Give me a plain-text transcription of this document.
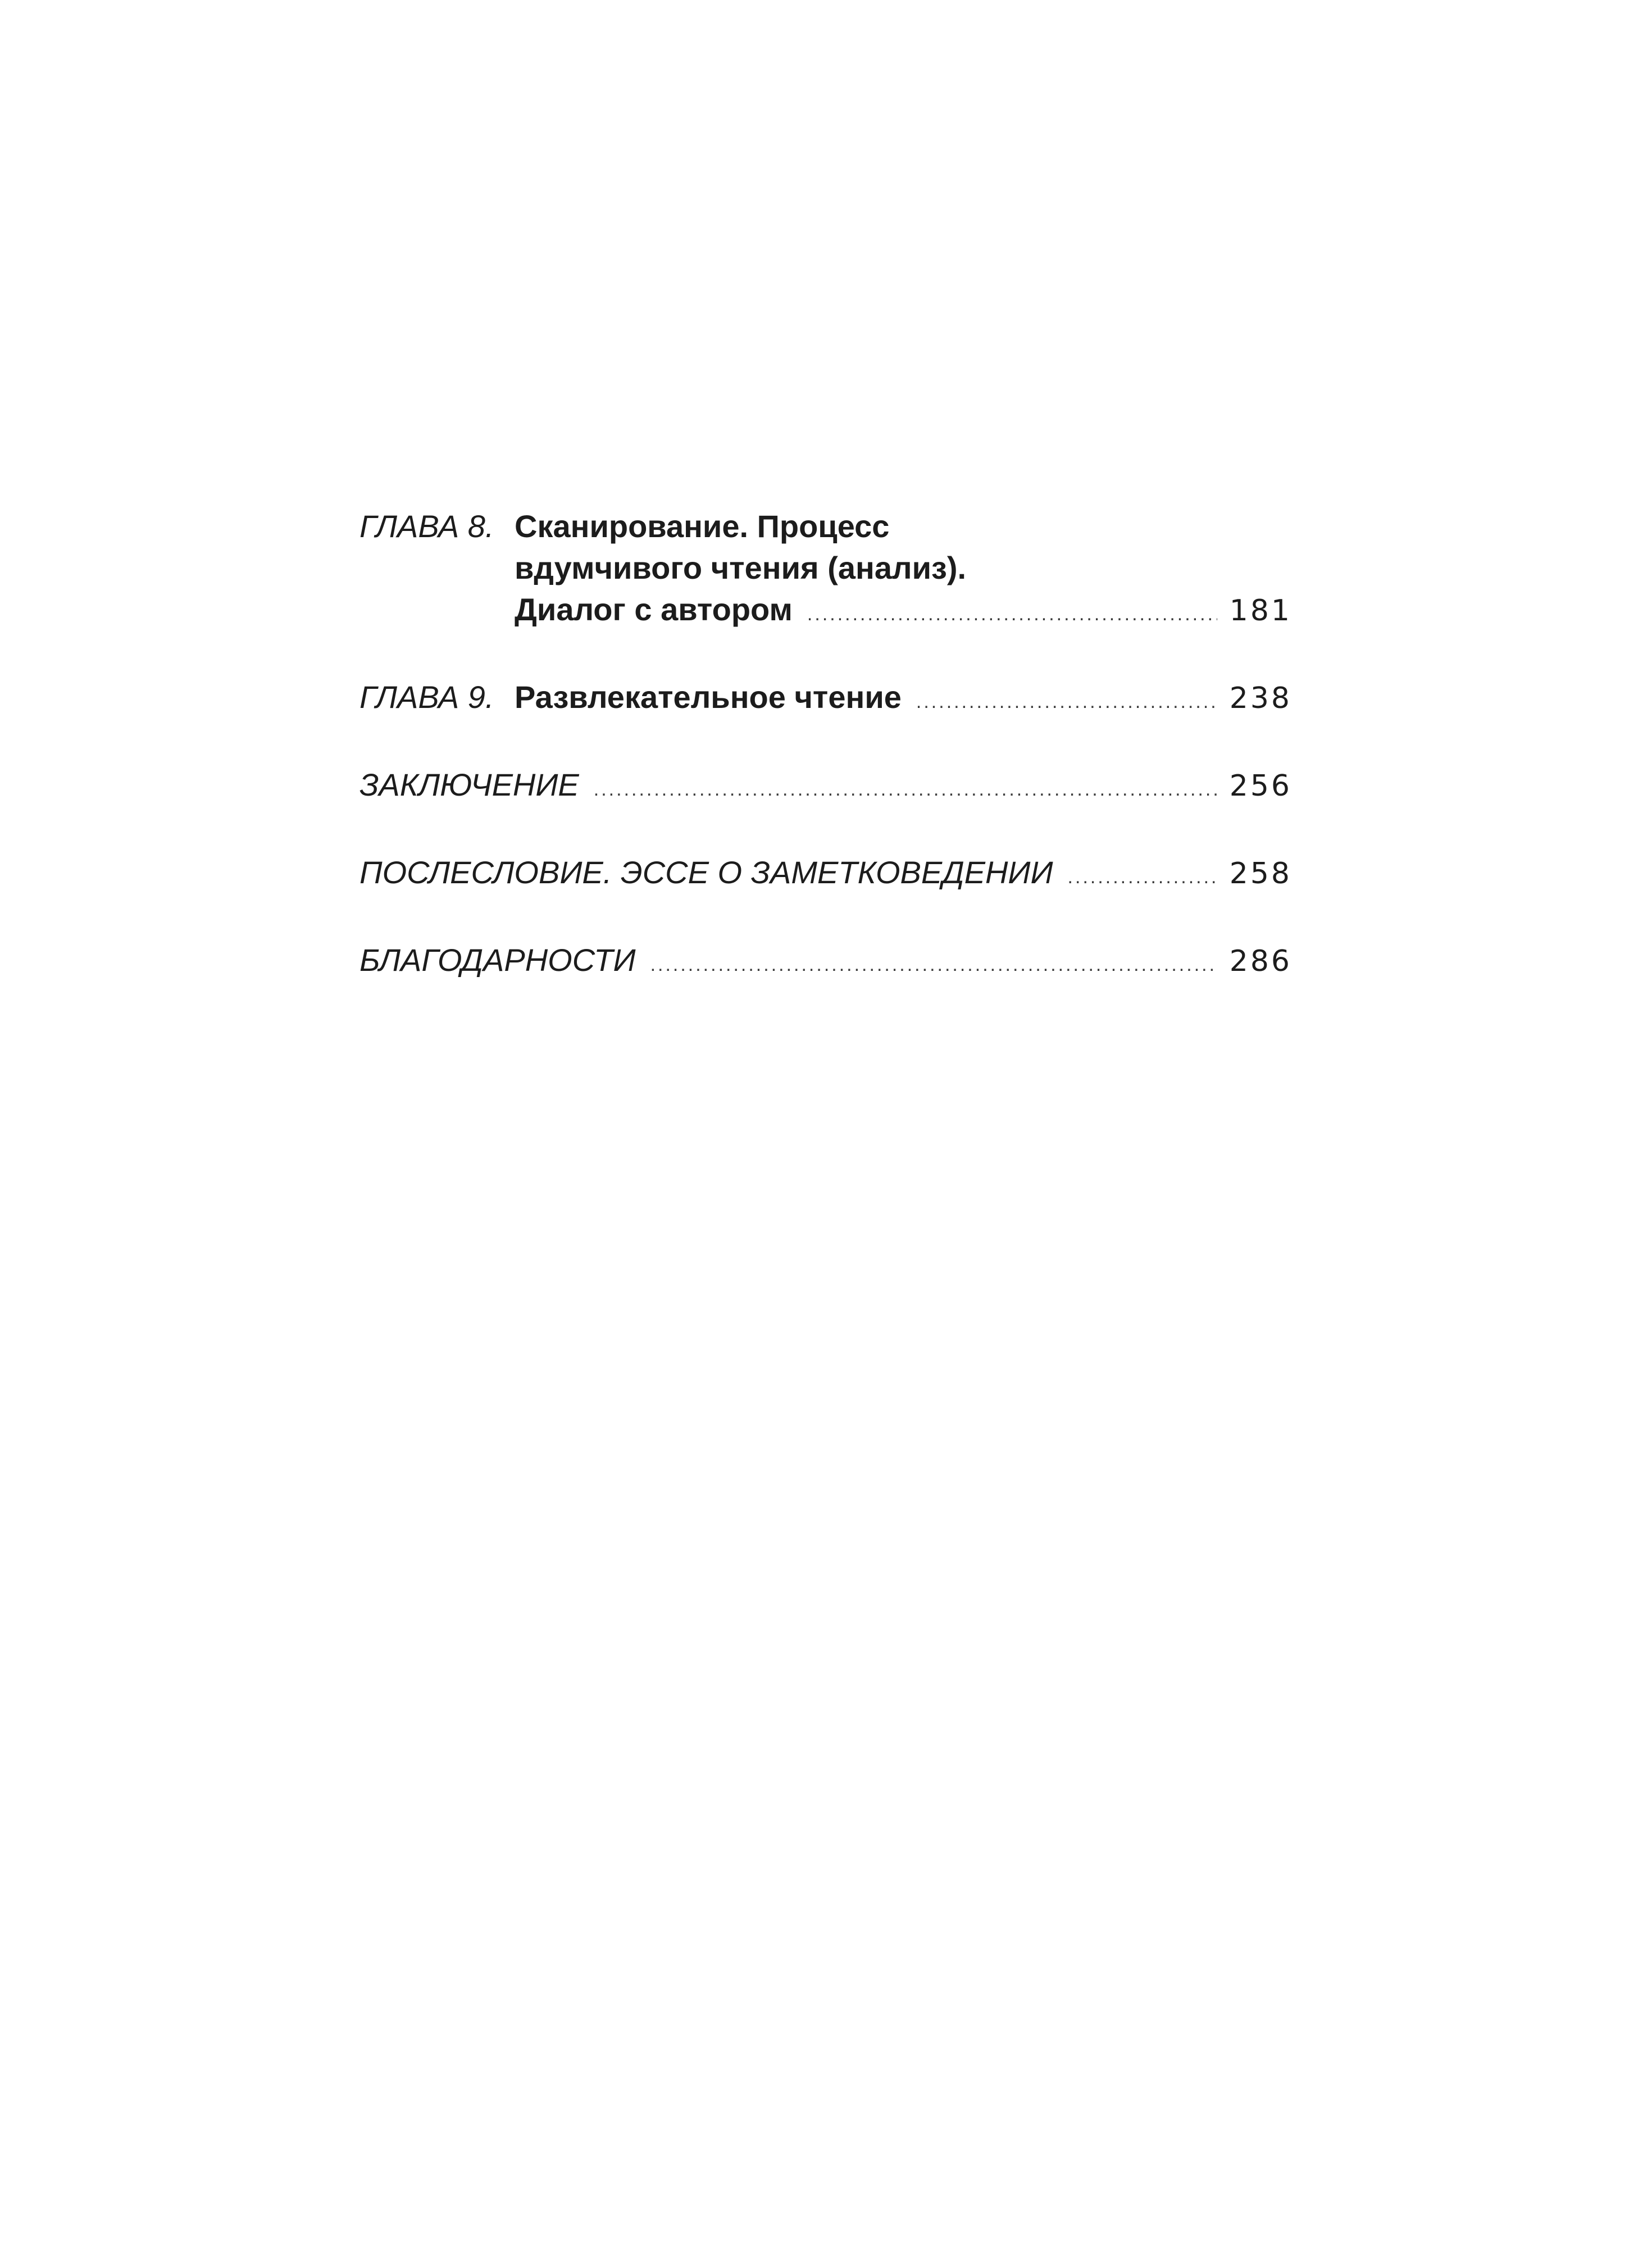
ГЛАВА 8. Сканирование. Процесс
вдумчивого чтения (анализ).
Диалог с автором .....	181
ГЛАВА 9. Развлекательное чтение .....	238
ЗАКЛЮЧЕНИЕ .....	256
ПОСЛЕСЛОВИЕ. ЭССЕ О ЗАМЕТКОВЕДЕНИИ .....	258
БЛАГОДАРНОСТИ .....	286
